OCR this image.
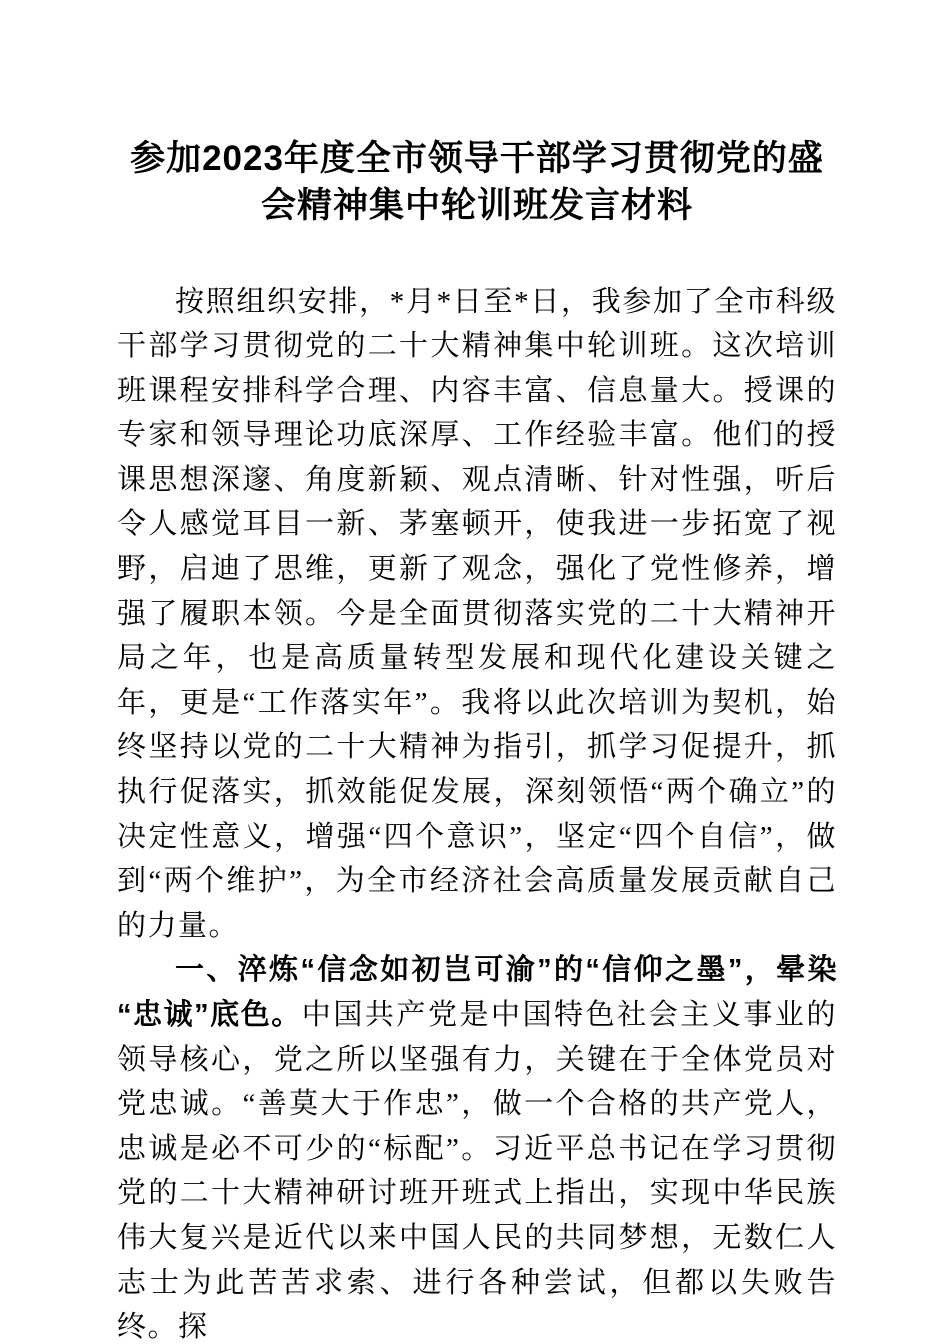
参加2023年度全市领导干部学习贯彻党的盛会精神集中轮训班发言材料

按照组织安排，*月*日至*日，我参加了全市科级干部学习贯彻党的二十大精神集中轮训班。这次培训班课程安排科学合理、内容丰富、信息量大。授课的专家和领导理论功底深厚、工作经验丰富。他们的授课思想深邃、角度新颖、观点清晰、针对性强，听后令人感觉耳目一新、茅塞顿开，使我进一步拓宽了视野，启迪了思维，更新了观念，强化了党性修养，增强了履职本领。今是全面贯彻落实党的二十大精神开局之年，也是高质量转型发展和现代化建设关键之年，更是“工作落实年”。我将以此次培训为契机，始终坚持以党的二十大精神为指引，抓学习促提升，抓执行促落实，抓效能促发展，深刻领悟“两个确立”的决定性意义，增强“四个意识”，坚定“四个自信”，做到“两个维护”，为全市经济社会高质量发展贡献自己的力量。

一、淬炼“信念如初岂可渝”的“信仰之墨”，晕染“忠诚”底色。中国共产党是中国特色社会主义事业的领导核心，党之所以坚强有力，关键在于全体党员对党忠诚。“善莫大于作忠”，做一个合格的共产党人，忠诚是必不可少的“标配”。习近平总书记在学习贯彻党的二十大精神研讨班开班式上指出，实现中华民族伟大复兴是近代以来中国人民的共同梦想，无数仁人志士为此苦苦求索、进行各种尝试，但都以失败告终。探
